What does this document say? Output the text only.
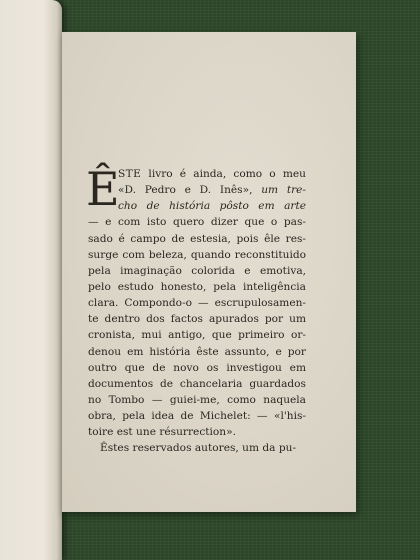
Ê
STE livro é ainda, como o meu
«D. Pedro e D. Inês», um tre-
cho de história pôsto em arte
— e com isto quero dizer que o pas-
sado é campo de estesia, pois êle res-
surge com beleza, quando reconstituido
pela imaginação colorida e emotiva,
pelo estudo honesto, pela inteligência
clara. Compondo-o — escrupulosamen-
te dentro dos factos apurados por um
cronista, mui antigo, que primeiro or-
denou em história êste assunto, e por
outro que de novo os investigou em
documentos de chancelaria guardados
no Tombo — guiei-me, como naquela
obra, pela idea de Michelet: — «l'his-
toire est une résurrection».
Êstes reservados autores, um da pu-
